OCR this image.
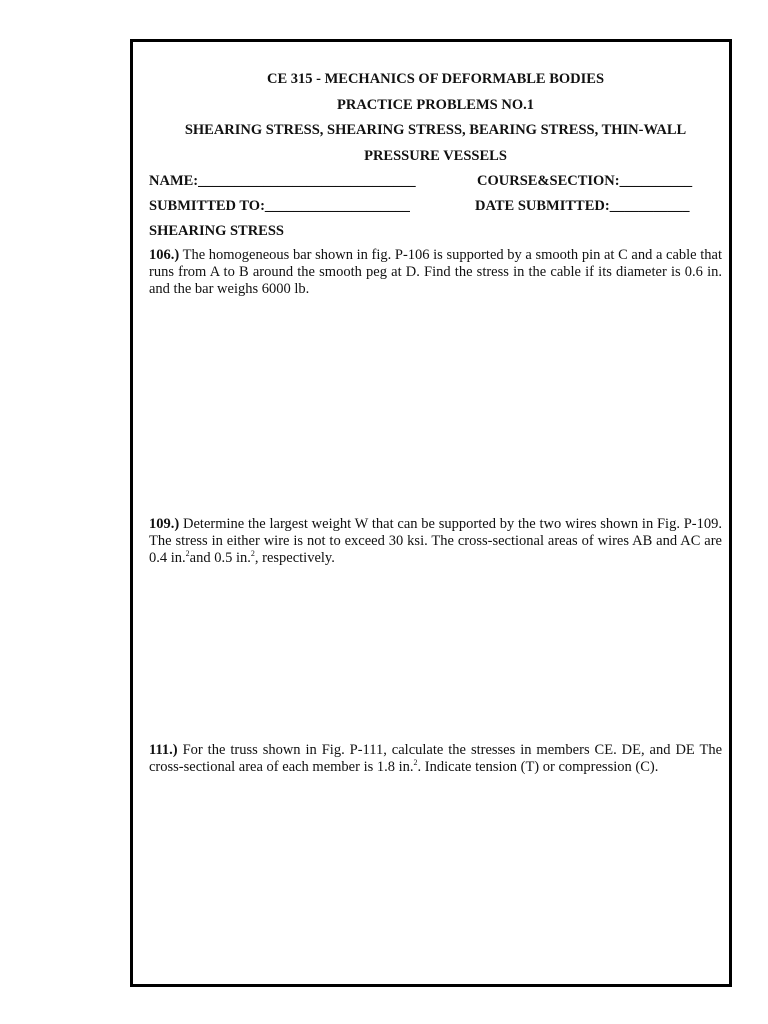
CE 315 - MECHANICS OF DEFORMABLE BODIES
PRACTICE PROBLEMS NO.1
SHEARING STRESS, SHEARING STRESS, BEARING STRESS, THIN-WALL
PRESSURE VESSELS
NAME:______________________________	COURSE&SECTION:__________
SUBMITTED TO:____________________	DATE SUBMITTED:___________
SHEARING STRESS
106.) The homogeneous bar shown in fig. P-106 is supported by a smooth pin at C and a cable that runs from A to B around the smooth peg at D. Find the stress in the cable if its diameter is 0.6 in. and the bar weighs 6000 lb.
109.) Determine the largest weight W that can be supported by the two wires shown in Fig. P-109. The stress in either wire is not to exceed 30 ksi. The cross-sectional areas of wires AB and AC are 0.4 in.$^2$and 0.5 in.$^2$, respectively.
111.) For the truss shown in Fig. P-111, calculate the stresses in members CE. DE, and DE The cross-sectional area of each member is 1.8 in.$^2$. Indicate tension (T) or compression (C).
